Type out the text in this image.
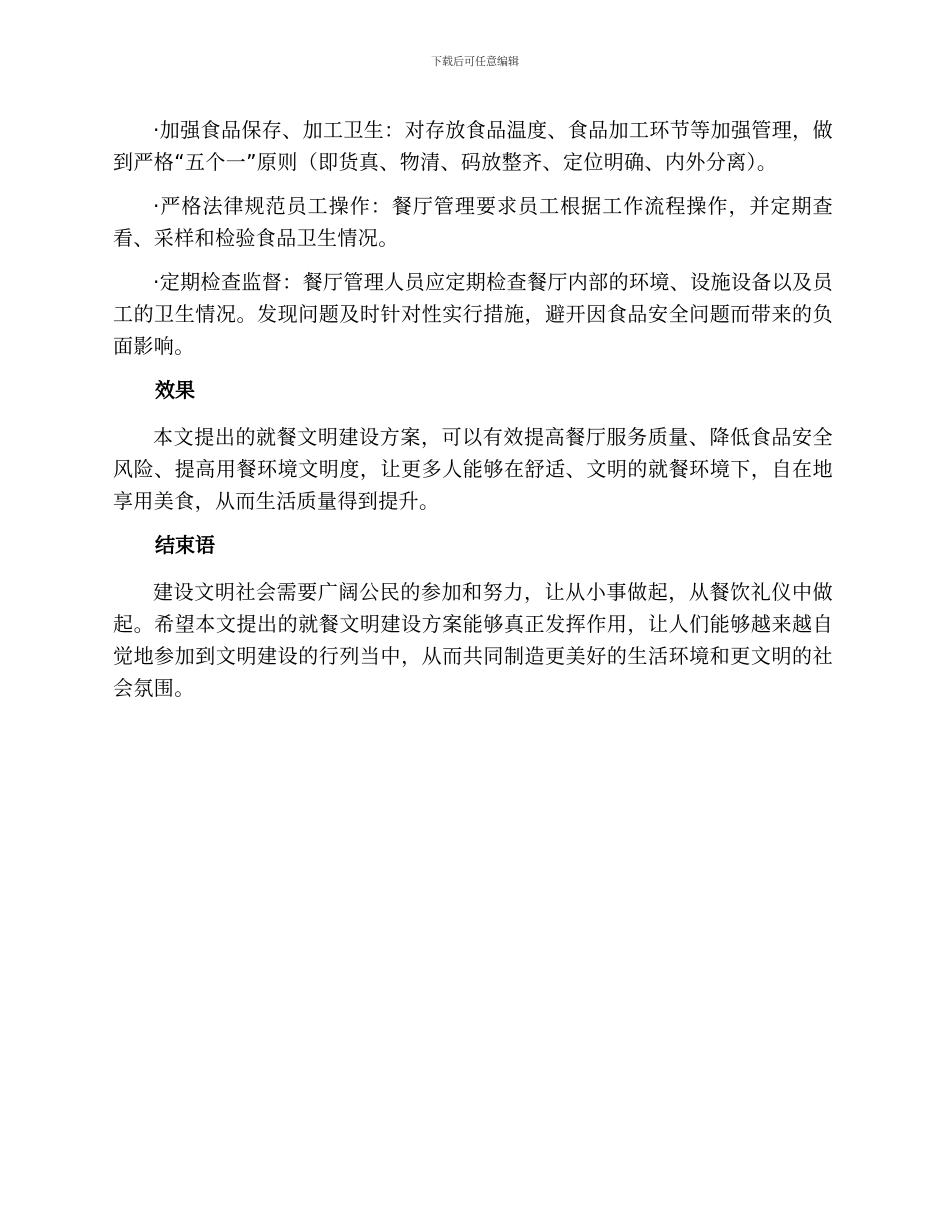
下载后可任意编辑

·加强食品保存、加工卫生：对存放食品温度、食品加工环节等加强管理，做到严格“五个一”原则（即货真、物清、码放整齐、定位明确、内外分离）。

·严格法律规范员工操作：餐厅管理要求员工根据工作流程操作，并定期查看、采样和检验食品卫生情况。

·定期检查监督：餐厅管理人员应定期检查餐厅内部的环境、设施设备以及员工的卫生情况。发现问题及时针对性实行措施，避开因食品安全问题而带来的负面影响。

效果

本文提出的就餐文明建设方案，可以有效提高餐厅服务质量、降低食品安全风险、提高用餐环境文明度，让更多人能够在舒适、文明的就餐环境下，自在地享用美食，从而生活质量得到提升。

结束语

建设文明社会需要广阔公民的参加和努力，让从小事做起，从餐饮礼仪中做起。希望本文提出的就餐文明建设方案能够真正发挥作用，让人们能够越来越自觉地参加到文明建设的行列当中，从而共同制造更美好的生活环境和更文明的社会氛围。
